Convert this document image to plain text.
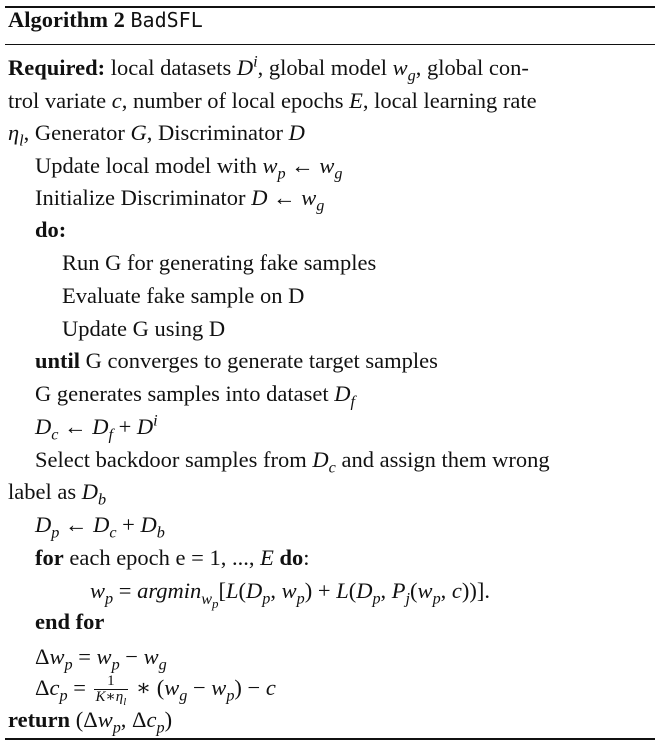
Algorithm 2 BadSFL
Required: local datasets $D^i$, global model $w_g$, global con-
trol variate c, number of local epochs E, local learning rate
$\eta_l$, Generator G, Discriminator D
Update local model with $w_p$ ← $w_g$
Initialize Discriminator D ← $w_g$
do:
Run G for generating fake samples
Evaluate fake sample on D
Update G using D
until G converges to generate target samples
G generates samples into dataset $D_f$
$D_c$ ← $D_f + D^i$
Select backdoor samples from $D_c$ and assign them wrong
label as $D_b$
$D_p$ ← $D_c + D_b$
for each epoch e = 1, ..., E do:
$w_p = argmin_{w_p}[L(D_p$, $w_p) + L(D_p$, $P_j(w_p$, c))].
end for
$\Delta w_p = w_p - w_g$
$\Delta c_p = \frac{1}{K∗\eta_l}$ ∗ $(w_g - w_p) - c$
return ($\Delta w_p$, $\Delta c_p$)
